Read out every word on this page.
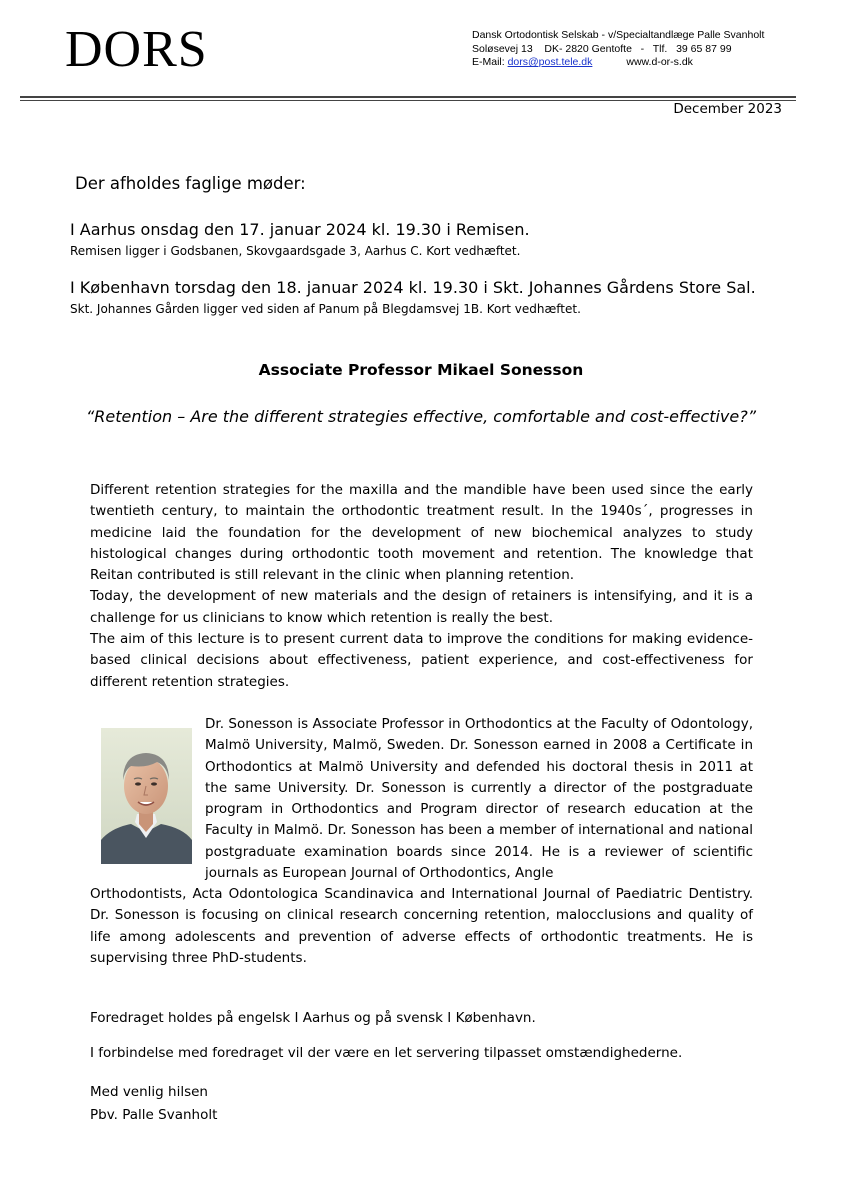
DORS	Dansk Ortodontisk Selskab - v/Specialtandlæge Palle Svanholt
Soløsevej 13    DK- 2820 Gentofte   -   Tlf.   39 65 87 99
E-Mail: dors@post.tele.dk	www.d-or-s.dk
December 2023
Der afholdes faglige møder:
I Aarhus onsdag den 17. januar 2024 kl. 19.30 i Remisen.
Remisen ligger i Godsbanen, Skovgaardsgade 3, Aarhus C. Kort vedhæftet.
I København torsdag den 18. januar 2024 kl. 19.30 i Skt. Johannes Gårdens Store Sal.
Skt. Johannes Gården ligger ved siden af Panum på Blegdamsvej 1B. Kort vedhæftet.
Associate Professor Mikael Sonesson
“Retention – Are the different strategies effective, comfortable and cost-effective?”
Different retention strategies for the maxilla and the mandible have been used since the early twentieth century, to maintain the orthodontic treatment result. In the 1940s´, progresses in medicine laid the foundation for the development of new biochemical analyzes to study histological changes during orthodontic tooth movement and retention. The knowledge that Reitan contributed is still relevant in the clinic when planning retention.
Today, the development of new materials and the design of retainers is intensifying, and it is a challenge for us clinicians to know which retention is really the best.
The aim of this lecture is to present current data to improve the conditions for making evidence-based clinical decisions about effectiveness, patient experience, and cost-effectiveness for different retention strategies.
Dr. Sonesson is Associate Professor in Orthodontics at the Faculty of Odontology, Malmö University, Malmö, Sweden. Dr. Sonesson earned in 2008 a Certificate in Orthodontics at Malmö University and defended his doctoral thesis in 2011 at the same University. Dr. Sonesson is currently a director of the postgraduate program in Orthodontics and Program director of research education at the Faculty in Malmö. Dr. Sonesson has been a member of international and national postgraduate examination boards since 2014. He is a reviewer of scientific journals as European Journal of Orthodontics, Angle
Orthodontists, Acta Odontologica Scandinavica and International Journal of Paediatric Dentistry. Dr. Sonesson is focusing on clinical research concerning retention, malocclusions and quality of life among adolescents and prevention of adverse effects of orthodontic treatments. He is supervising three PhD-students.
Foredraget holdes på engelsk I Aarhus og på svensk I København.
I forbindelse med foredraget vil der være en let servering tilpasset omstændighederne.
Med venlig hilsen
Pbv. Palle Svanholt
